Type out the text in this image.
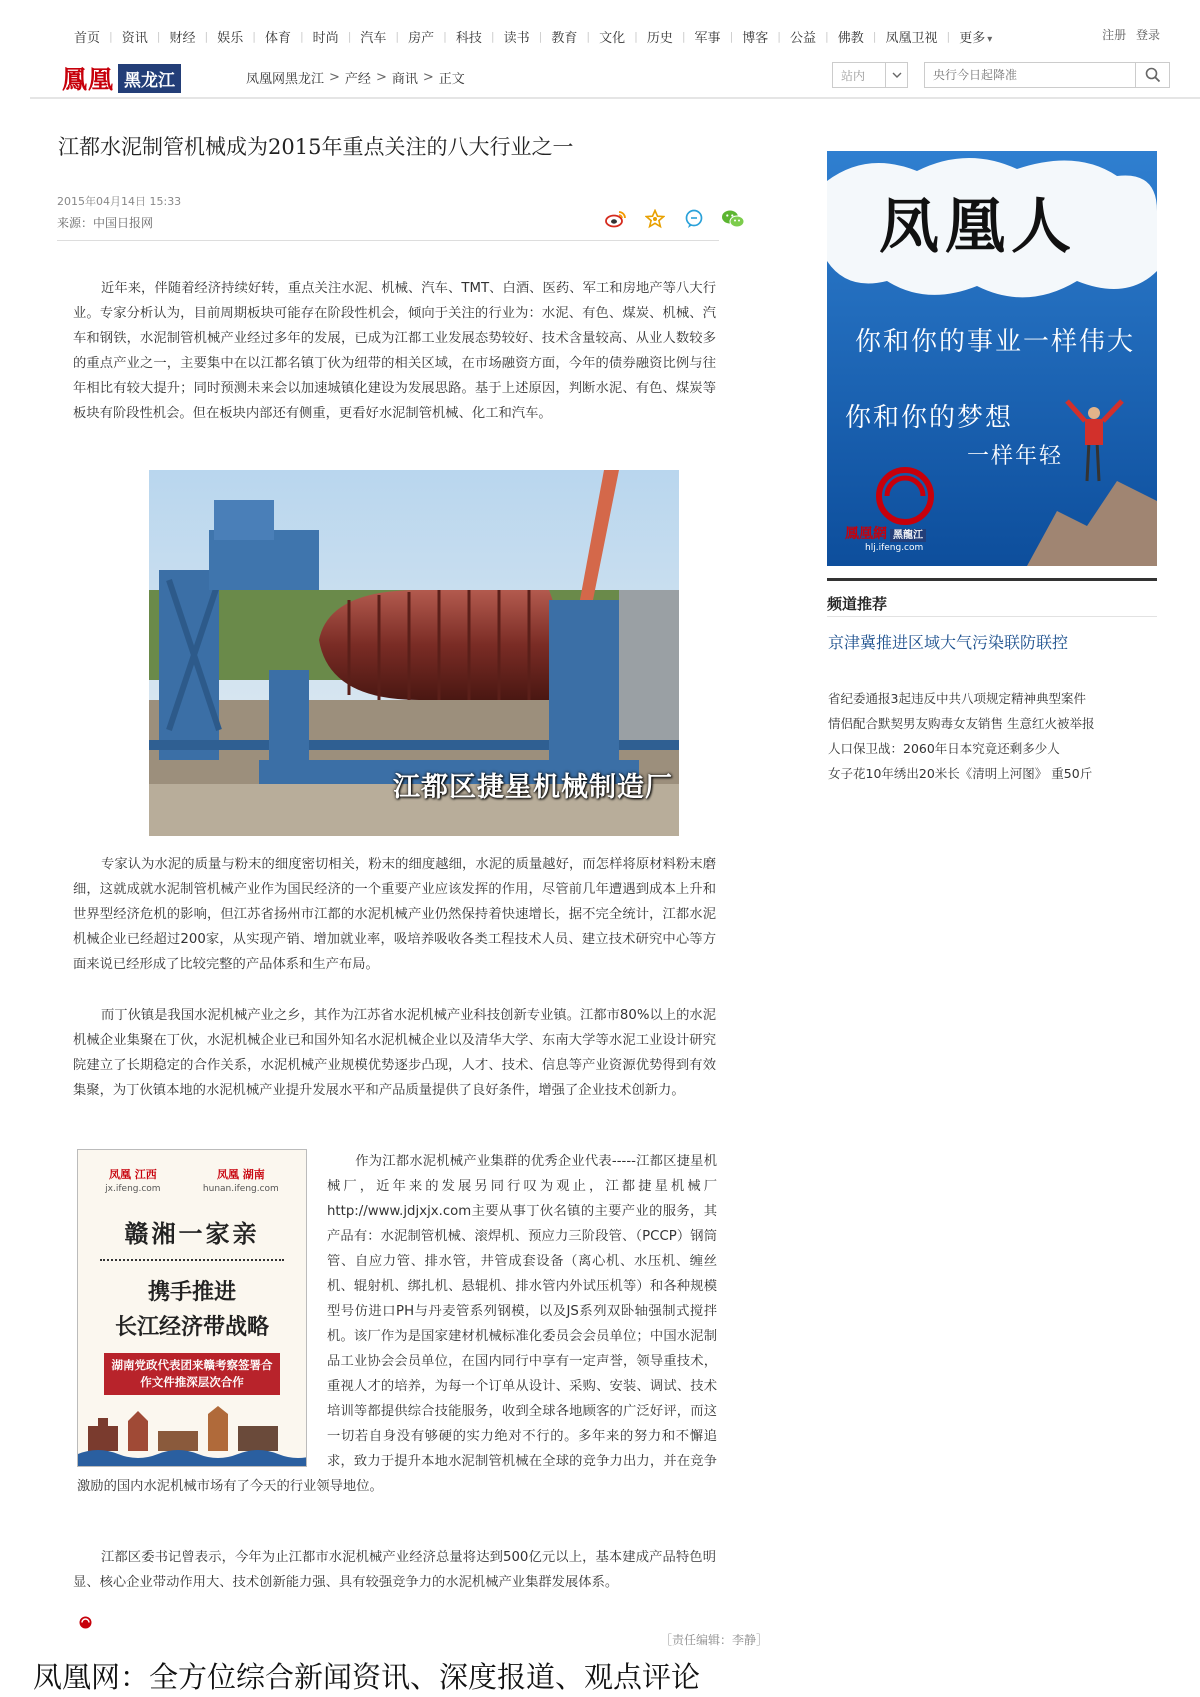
首页 | 资讯 | 财经 | 娱乐 | 体育 | 时尚 | 汽车 | 房产 | 科技 | 读书 | 教育 | 文化 | 历史 | 军事 | 博客 | 公益 | 佛教 | 凤凰卫视 | 更多 ▾	注册 登录
鳳凰 黑龙江	凤凰网黑龙江 > 产经 > 商讯 > 正文	站内
央行今日起降准
江都水泥制管机械成为2015年重点关注的八大行业之一
2015年04月14日 15:33
来源：中国日报网

近年来，伴随着经济持续好转，重点关注水泥、机械、汽车、TMT、白酒、医药、军工和房地产等八大行业。专家分析认为，目前周期板块可能存在阶段性机会，倾向于关注的行业为：水泥、有色、煤炭、机械、汽车和钢铁，水泥制管机械产业经过多年的发展，已成为江都工业发展态势较好、技术含量较高、从业人数较多的重点产业之一，主要集中在以江都名镇丁伙为纽带的相关区域，在市场融资方面，今年的债券融资比例与往年相比有较大提升；同时预测未来会以加速城镇化建设为发展思路。基于上述原因，判断水泥、有色、煤炭等板块有阶段性机会。但在板块内部还有侧重，更看好水泥制管机械、化工和汽车。

江都区捷星机械制造厂

专家认为水泥的质量与粉末的细度密切相关，粉末的细度越细，水泥的质量越好，而怎样将原材料粉末磨细，这就成就水泥制管机械产业作为国民经济的一个重要产业应该发挥的作用，尽管前几年遭遇到成本上升和世界型经济危机的影响，但江苏省扬州市江都的水泥机械产业仍然保持着快速增长，据不完全统计，江都水泥机械企业已经超过200家，从实现产销、增加就业率，吸培养吸收各类工程技术人员、建立技术研究中心等方面来说已经形成了比较完整的产品体系和生产布局。

而丁伙镇是我国水泥机械产业之乡，其作为江苏省水泥机械产业科技创新专业镇。江都市80%以上的水泥机械企业集聚在丁伙，水泥机械企业已和国外知名水泥机械企业以及清华大学、东南大学等水泥工业设计研究院建立了长期稳定的合作关系，水泥机械产业规模优势逐步凸现，人才、技术、信息等产业资源优势得到有效集聚，为丁伙镇本地的水泥机械产业提升发展水平和产品质量提供了良好条件，增强了企业技术创新力。

凤凰 江西
jx.ifeng.com
凤凰 湖南
hunan.ifeng.com
赣湘一家亲
携手推进
长江经济带战略
湖南党政代表团来赣考察签署合作文件推深层次合作

作为江都水泥机械产业集群的优秀企业代表-----江都区捷星机械厂，近年来的发展另同行叹为观止，江都捷星机械厂http://www.jdjxjx.com主要从事丁伙名镇的主要产业的服务，其产品有：水泥制管机械、滚焊机、预应力三阶段管、（PCCP）钢筒管、自应力管、排水管，井管成套设备（离心机、水压机、缠丝机、辊射机、绑扎机、悬辊机、排水管内外试压机等）和各种规模型号仿进口PH与丹麦管系列钢模，以及JS系列双卧轴强制式搅拌机。该厂作为是国家建材机械标准化委员会会员单位；中国水泥制品工业协会会员单位，在国内同行中享有一定声誉，领导重技术，重视人才的培养，为每一个订单从设计、采购、安装、调试、技术培训等都提供综合技能服务，收到全球各地顾客的广泛好评，而这一切若自身没有够硬的实力绝对不行的。多年来的努力和不懈追求，致力于提升本地水泥制管机械在全球的竞争力出力，并在竞争激励的国内水泥机械市场有了今天的行业领导地位。

江都区委书记曾表示，今年为止江都市水泥机械产业经济总量将达到500亿元以上，基本建成产品特色明显、核心企业带动作用大、技术创新能力强、具有较强竞争力的水泥机械产业集群发展体系。

［责任编辑：李静］
凤凰网：全方位综合新闻资讯、深度报道、观点评论
凤凰人
你和你的事业一样伟大
你和你的梦想
一样年轻
鳳凰網 黑龍江
hlj.ifeng.com
频道推荐
京津冀推进区域大气污染联防联控
省纪委通报3起违反中共八项规定精神典型案件
情侣配合默契男友购毒女友销售 生意红火被举报
人口保卫战：2060年日本究竟还剩多少人
女子花10年绣出20米长《清明上河图》 重50斤
